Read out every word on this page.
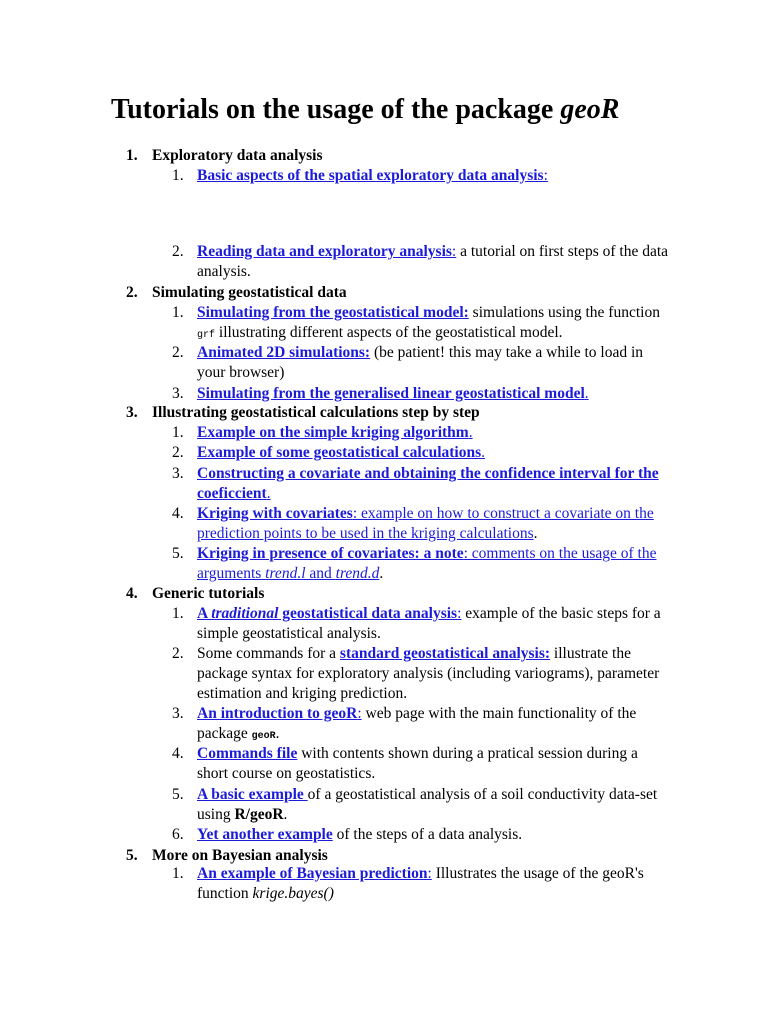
Tutorials on the usage of the package geoR
1. Exploratory data analysis
1. Basic aspects of the spatial exploratory data analysis:
2. Reading data and exploratory analysis: a tutorial on first steps of the data analysis.
2. Simulating geostatistical data
1. Simulating from the geostatistical model: simulations using the function grf illustrating different aspects of the geostatistical model.
2. Animated 2D simulations: (be patient! this may take a while to load in your browser)
3. Simulating from the generalised linear geostatistical model.
3. Illustrating geostatistical calculations step by step
1. Example on the simple kriging algorithm.
2. Example of some geostatistical calculations.
3. Constructing a covariate and obtaining the confidence interval for the coeficcient.
4. Kriging with covariates: example on how to construct a covariate on the prediction points to be used in the kriging calculations.
5. Kriging in presence of covariates: a note: comments on the usage of the arguments trend.l and trend.d.
4. Generic tutorials
1. A traditional geostatistical data analysis: example of the basic steps for a simple geostatistical analysis.
2. Some commands for a standard geostatistical analysis: illustrate the package syntax for exploratory analysis (including variograms), parameter estimation and kriging prediction.
3. An introduction to geoR: web page with the main functionality of the package geoR.
4. Commands file with contents shown during a pratical session during a short course on geostatistics.
5. A basic example of a geostatistical analysis of a soil conductivity data-set using R/geoR.
6. Yet another example of the steps of a data analysis.
5. More on Bayesian analysis
1. An example of Bayesian prediction: Illustrates the usage of the geoR's function krige.bayes()
